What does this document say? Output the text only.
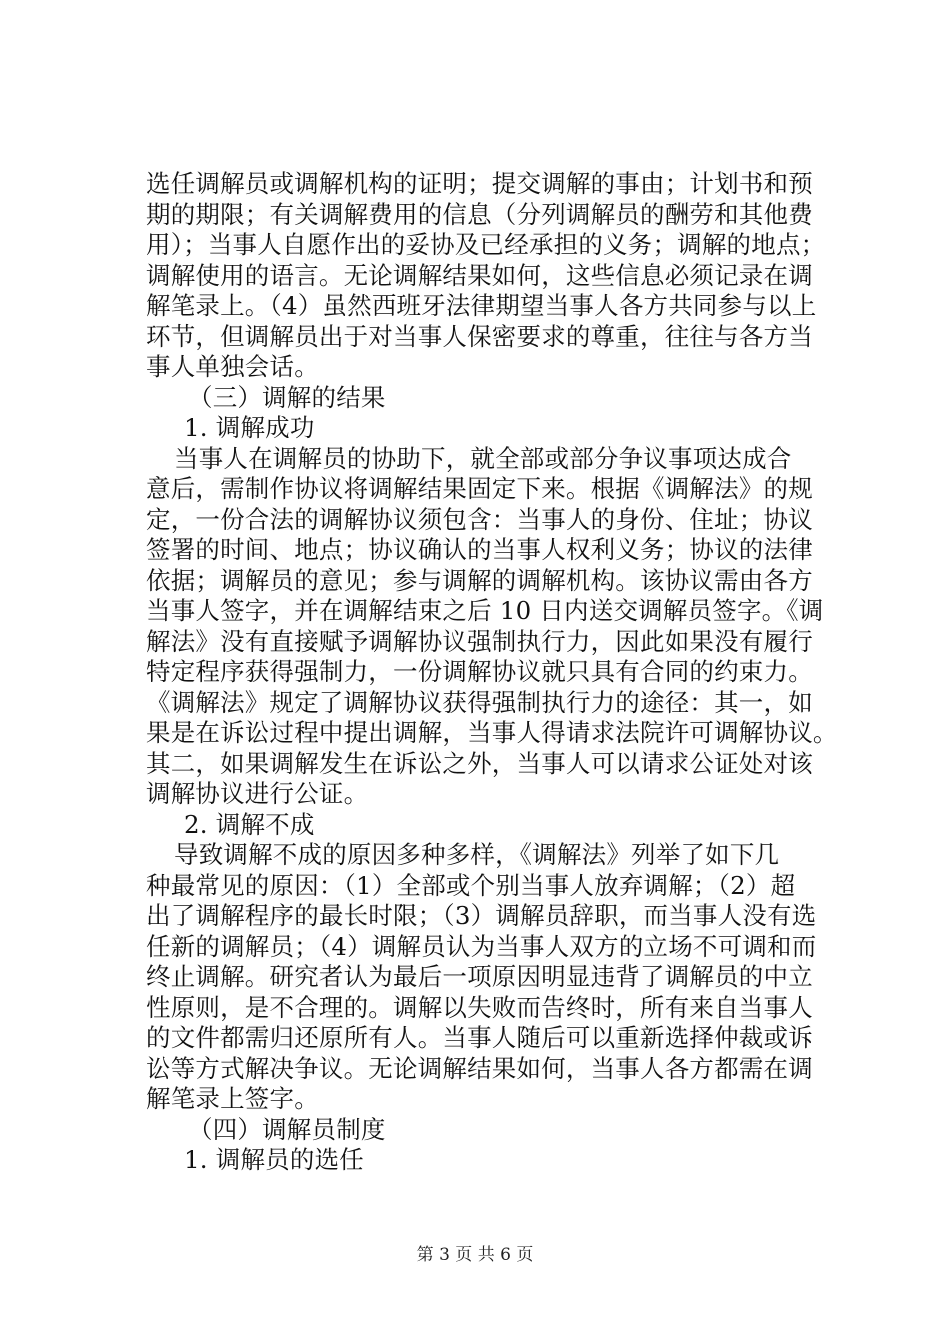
选任调解员或调解机构的证明；提交调解的事由；计划书和预
期的期限；有关调解费用的信息（分列调解员的酬劳和其他费
用）；当事人自愿作出的妥协及已经承担的义务；调解的地点；
调解使用的语言。无论调解结果如何，这些信息必须记录在调
解笔录上。（4）虽然西班牙法律期望当事人各方共同参与以上
环节，但调解员出于对当事人保密要求的尊重，往往与各方当
事人单独会话。
（三）调解的结果
1. 调解成功
当事人在调解员的协助下，就全部或部分争议事项达成合
意后，需制作协议将调解结果固定下来。根据《调解法》的规
定，一份合法的调解协议须包含：当事人的身份、住址；协议
签署的时间、地点；协议确认的当事人权利义务；协议的法律
依据；调解员的意见；参与调解的调解机构。该协议需由各方
当事人签字，并在调解结束之后 10 日内送交调解员签字。《调
解法》没有直接赋予调解协议强制执行力，因此如果没有履行
特定程序获得强制力，一份调解协议就只具有合同的约束力。
《调解法》规定了调解协议获得强制执行力的途径：其一，如
果是在诉讼过程中提出调解，当事人得请求法院许可调解协议。
其二，如果调解发生在诉讼之外，当事人可以请求公证处对该
调解协议进行公证。
2. 调解不成
导致调解不成的原因多种多样，《调解法》列举了如下几
种最常见的原因：（1）全部或个别当事人放弃调解；（2）超
出了调解程序的最长时限；（3）调解员辞职，而当事人没有选
任新的调解员；（4）调解员认为当事人双方的立场不可调和而
终止调解。研究者认为最后一项原因明显违背了调解员的中立
性原则，是不合理的。调解以失败而告终时，所有来自当事人
的文件都需归还原所有人。当事人随后可以重新选择仲裁或诉
讼等方式解决争议。无论调解结果如何，当事人各方都需在调
解笔录上签字。
（四）调解员制度
1. 调解员的选任
第 3 页 共 6 页
